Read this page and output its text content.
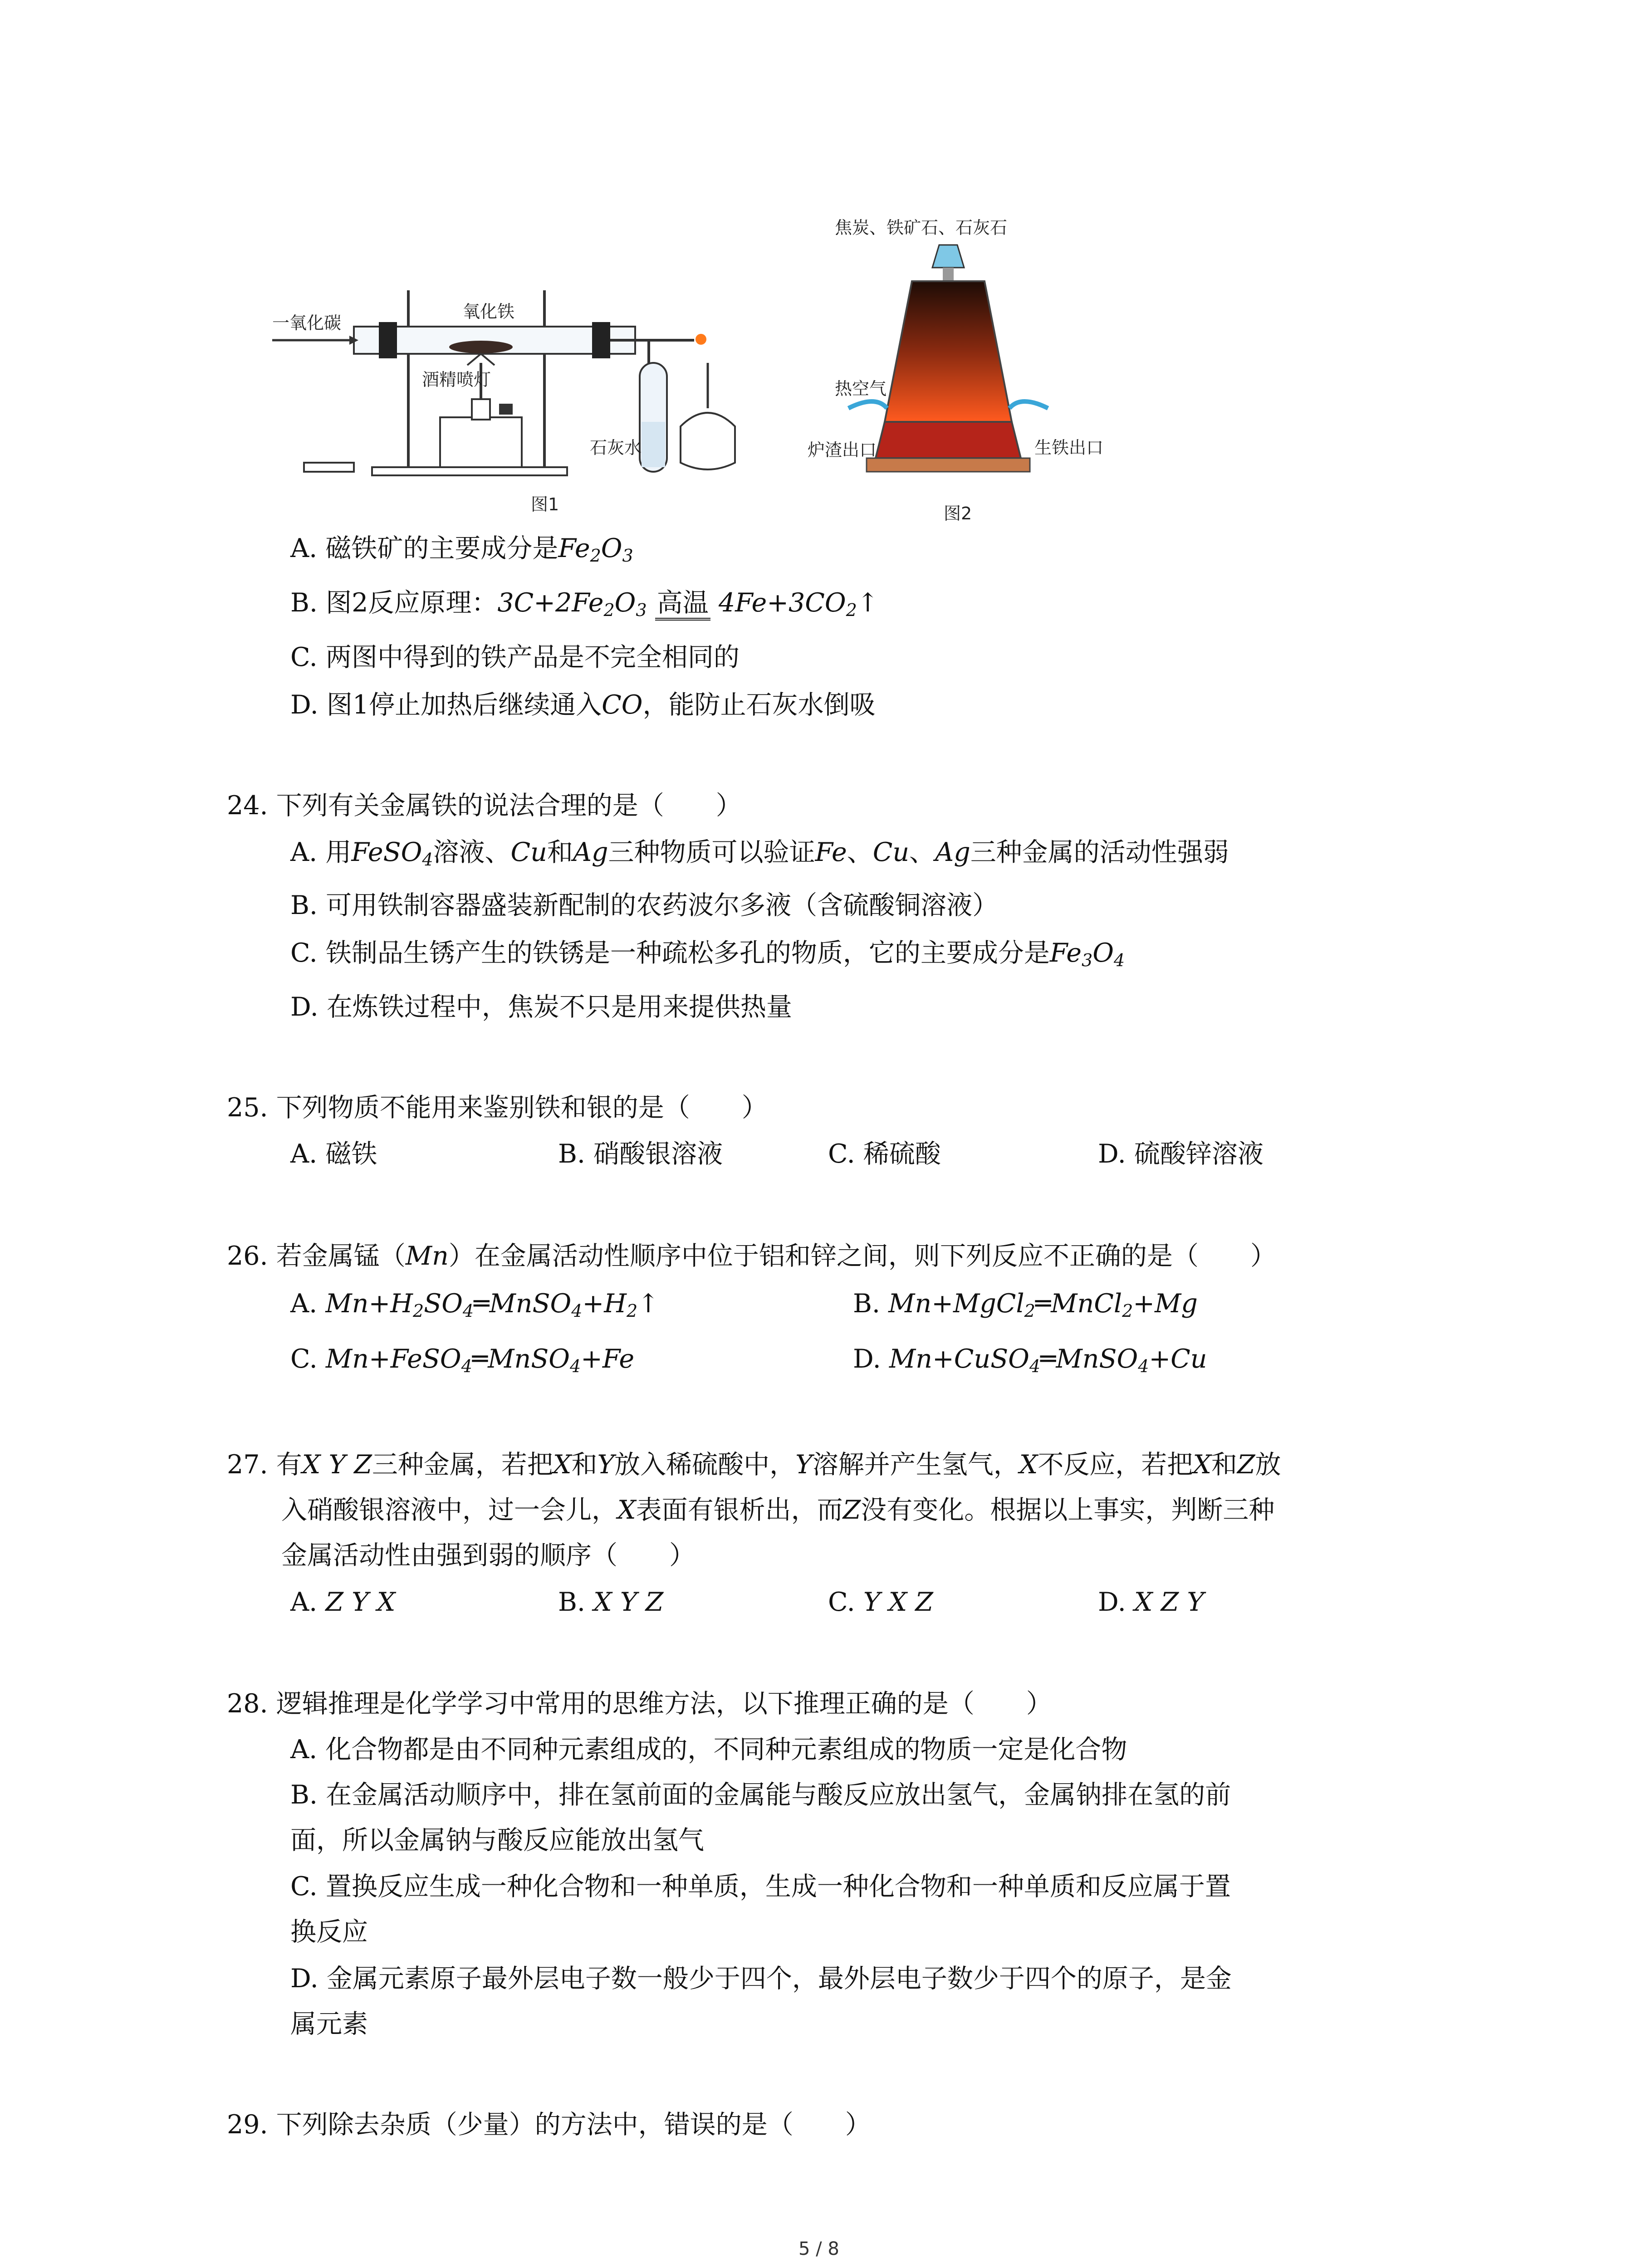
一氧化碳
氧化铁
酒精喷灯
石灰水
图1
焦炭、铁矿石、石灰石
热空气
炉渣出口	生铁出口
图2
A. 磁铁矿的主要成分是$Fe_2O_3$
B. 图2反应原理：$3C+2Fe_2O_3$ 高温 $4Fe+3CO_2↑$
C. 两图中得到的铁产品是不完全相同的
D. 图1停止加热后继续通入CO，能防止石灰水倒吸
24. 下列有关金属铁的说法合理的是（　　）
A. 用FeSO$_4$溶液、Cu和Ag三种物质可以验证Fe、Cu、Ag三种金属的活动性强弱
B. 可用铁制容器盛装新配制的农药波尔多液（含硫酸铜溶液）
C. 铁制品生锈产生的铁锈是一种疏松多孔的物质，它的主要成分是$Fe_3O_4$
D. 在炼铁过程中，焦炭不只是用来提供热量
25. 下列物质不能用来鉴别铁和银的是（　　）
A. 磁铁	B. 硝酸银溶液	C. 稀硫酸	D. 硫酸锌溶液
26. 若金属锰（Mn）在金属活动性顺序中位于铝和锌之间，则下列反应不正确的是（　　）
A. $Mn+H_2SO_4═MnSO_4+H_2↑$	B. Mn+MgCl$_2$═MnCl$_2$+Mg
C. Mn+FeSO$_4$═MnSO$_4$+Fe	D. Mn+CuSO$_4$═MnSO$_4$+Cu
27. 有X Y Z三种金属，若把X和Y放入稀硫酸中，Y溶解并产生氢气，X不反应，若把X和Z放
入硝酸银溶液中，过一会儿，X表面有银析出，而Z没有变化。根据以上事实，判断三种
金属活动性由强到弱的顺序（　　）
A. Z Y X	B. X Y Z	C. Y X Z	D. X Z Y
28. 逻辑推理是化学学习中常用的思维方法，以下推理正确的是（　　）
A. 化合物都是由不同种元素组成的，不同种元素组成的物质一定是化合物
B. 在金属活动顺序中，排在氢前面的金属能与酸反应放出氢气，金属钠排在氢的前
面，所以金属钠与酸反应能放出氢气
C. 置换反应生成一种化合物和一种单质，生成一种化合物和一种单质和反应属于置
换反应
D. 金属元素原子最外层电子数一般少于四个，最外层电子数少于四个的原子，是金
属元素
29. 下列除去杂质（少量）的方法中，错误的是（　　）
5 / 8
